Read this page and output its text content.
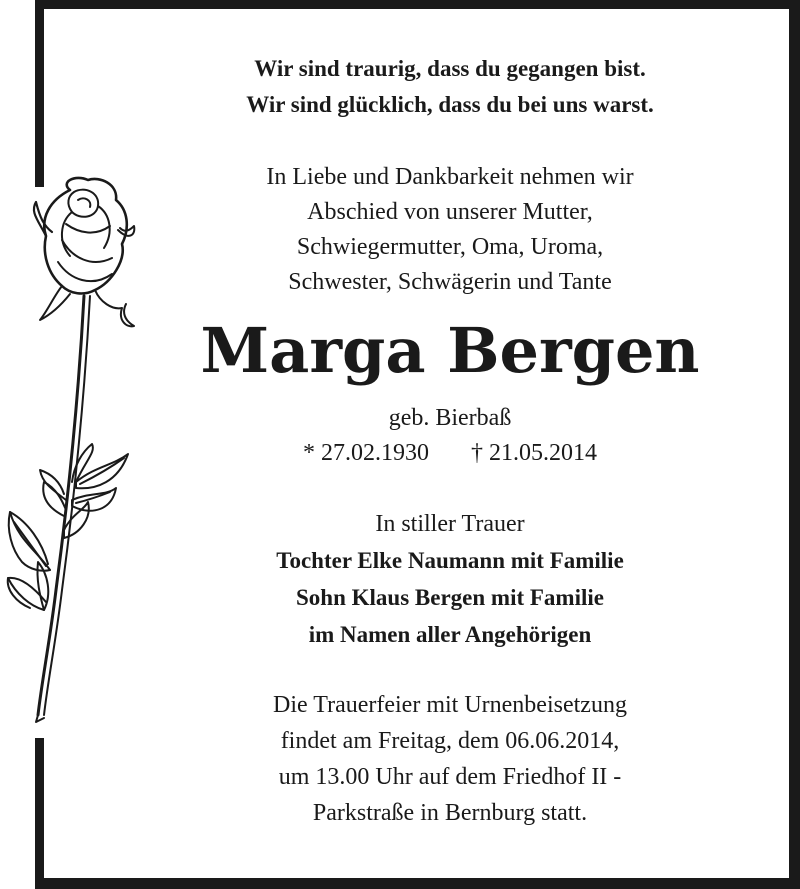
Wir sind traurig, dass du gegangen bist.
Wir sind glücklich, dass du bei uns warst.
In Liebe und Dankbarkeit nehmen wir
Abschied von unserer Mutter,
Schwiegermutter, Oma, Uroma,
Schwester, Schwägerin und Tante
Marga Bergen
geb. Bierbaß
* 27.02.1930 † 21.05.2014
In stiller Trauer
Tochter Elke Naumann mit Familie
Sohn Klaus Bergen mit Familie
im Namen aller Angehörigen
Die Trauerfeier mit Urnenbeisetzung
findet am Freitag, dem 06.06.2014,
um 13.00 Uhr auf dem Friedhof II -
Parkstraße in Bernburg statt.
